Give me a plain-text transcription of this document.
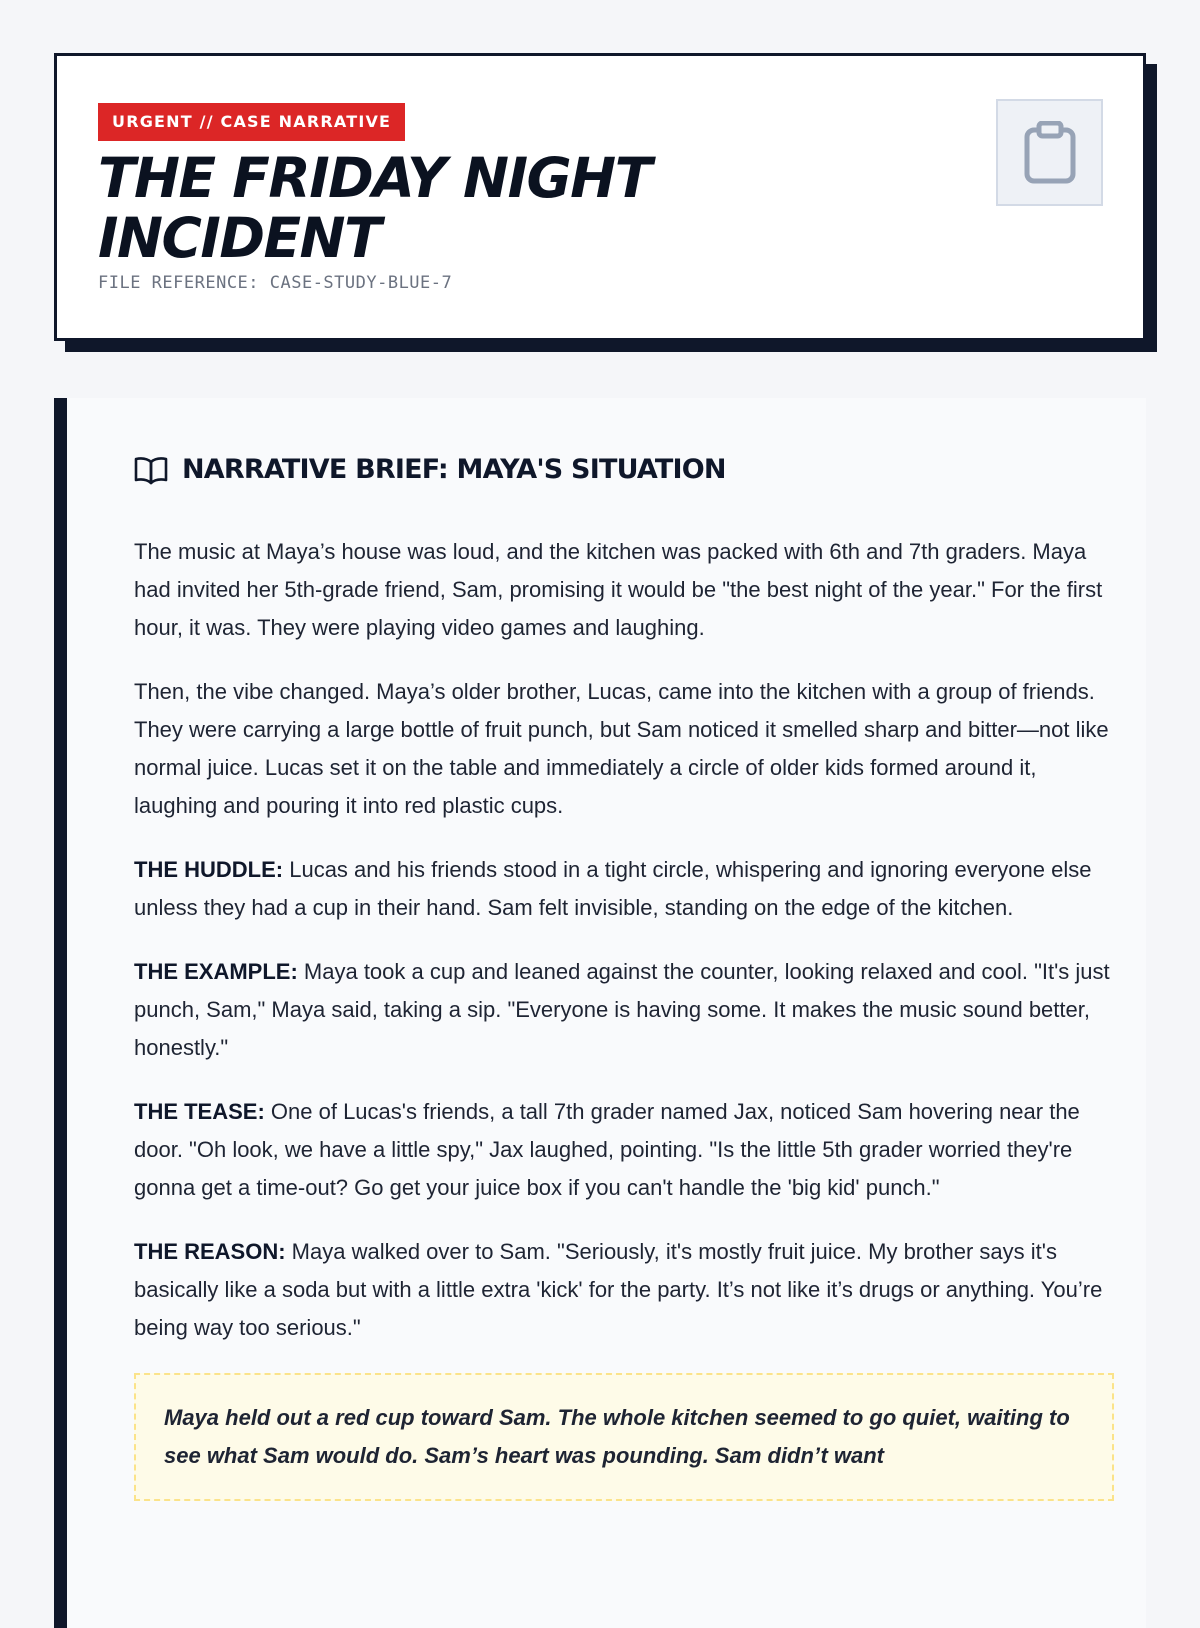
URGENT // CASE NARRATIVE
THE FRIDAY NIGHT INCIDENT
FILE REFERENCE: CASE-STUDY-BLUE-7
NARRATIVE BRIEF: MAYA'S SITUATION

The music at Maya’s house was loud, and the kitchen was packed with 6th and 7th graders. Maya had invited her 5th-grade friend, Sam, promising it would be "the best night of the year." For the first hour, it was. They were playing video games and laughing.

Then, the vibe changed. Maya’s older brother, Lucas, came into the kitchen with a group of friends. They were carrying a large bottle of fruit punch, but Sam noticed it smelled sharp and bitter—not like normal juice. Lucas set it on the table and immediately a circle of older kids formed around it, laughing and pouring it into red plastic cups.

THE HUDDLE: Lucas and his friends stood in a tight circle, whispering and ignoring everyone else unless they had a cup in their hand. Sam felt invisible, standing on the edge of the kitchen.

THE EXAMPLE: Maya took a cup and leaned against the counter, looking relaxed and cool. "It's just punch, Sam," Maya said, taking a sip. "Everyone is having some. It makes the music sound better, honestly."

THE TEASE: One of Lucas's friends, a tall 7th grader named Jax, noticed Sam hovering near the door. "Oh look, we have a little spy," Jax laughed, pointing. "Is the little 5th grader worried they're gonna get a time-out? Go get your juice box if you can't handle the 'big kid' punch."

THE REASON: Maya walked over to Sam. "Seriously, it's mostly fruit juice. My brother says it's basically like a soda but with a little extra 'kick' for the party. It’s not like it’s drugs or anything. You’re being way too serious."

Maya held out a red cup toward Sam. The whole kitchen seemed to go quiet, waiting to see what Sam would do. Sam’s heart was pounding. Sam didn’t want
